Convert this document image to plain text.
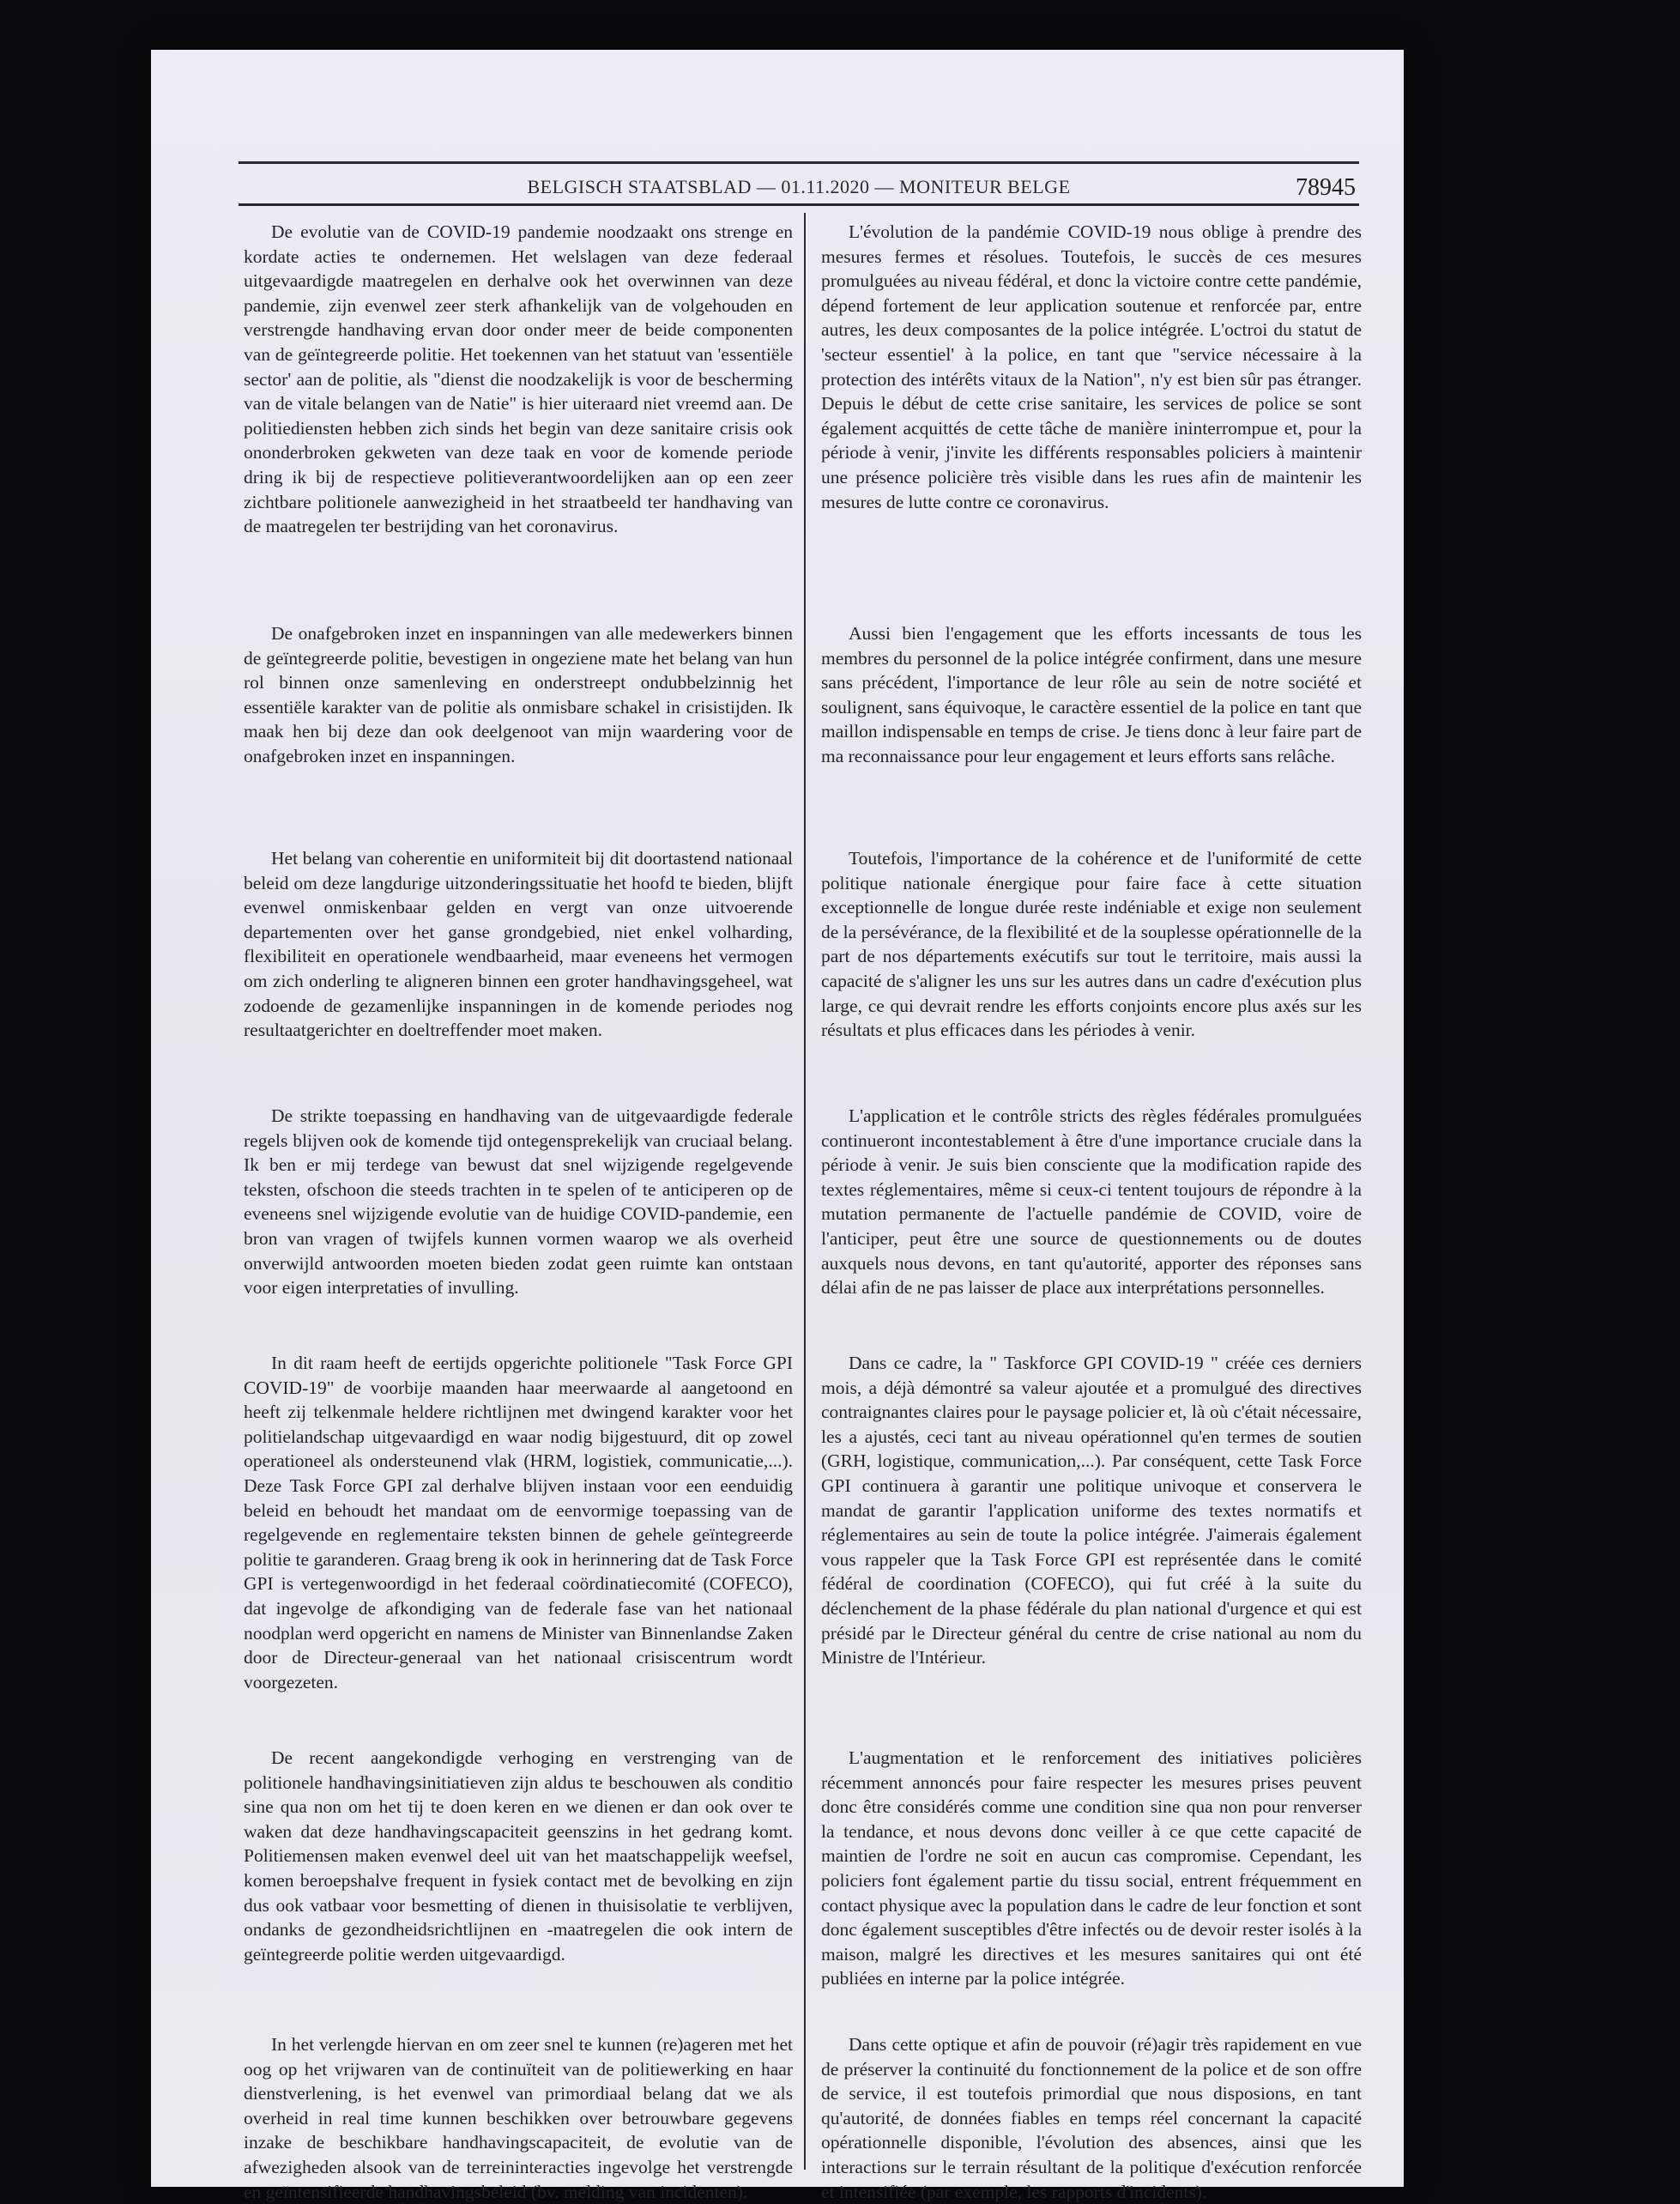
BELGISCH STAATSBLAD — 01.11.2020 — MONITEUR BELGE	78945

De evolutie van de COVID-19 pandemie noodzaakt ons strenge en kordate acties te ondernemen. Het welslagen van deze federaal uitgevaardigde maatregelen en derhalve ook het overwinnen van deze pandemie, zijn evenwel zeer sterk afhankelijk van de volgehouden en verstrengde handhaving ervan door onder meer de beide componenten van de geïntegreerde politie. Het toekennen van het statuut van 'essentiële sector' aan de politie, als "dienst die noodzakelijk is voor de bescherming van de vitale belangen van de Natie" is hier uiteraard niet vreemd aan. De politiediensten hebben zich sinds het begin van deze sanitaire crisis ook ononderbroken gekweten van deze taak en voor de komende periode dring ik bij de respectieve politieverantwoordelijken aan op een zeer zichtbare politionele aanwezigheid in het straatbeeld ter handhaving van de maatregelen ter bestrijding van het coronavirus.

De onafgebroken inzet en inspanningen van alle medewerkers binnen de geïntegreerde politie, bevestigen in ongeziene mate het belang van hun rol binnen onze samenleving en onderstreept ondubbelzinnig het essentiële karakter van de politie als onmisbare schakel in crisistijden. Ik maak hen bij deze dan ook deelgenoot van mijn waardering voor de onafgebroken inzet en inspanningen.

Het belang van coherentie en uniformiteit bij dit doortastend nationaal beleid om deze langdurige uitzonderingssituatie het hoofd te bieden, blijft evenwel onmiskenbaar gelden en vergt van onze uitvoerende departementen over het ganse grondgebied, niet enkel volharding, flexibiliteit en operationele wendbaarheid, maar eveneens het vermogen om zich onderling te aligneren binnen een groter handhavingsgeheel, wat zodoende de gezamenlijke inspanningen in de komende periodes nog resultaatgerichter en doeltreffender moet maken.

De strikte toepassing en handhaving van de uitgevaardigde federale regels blijven ook de komende tijd ontegensprekelijk van cruciaal belang. Ik ben er mij terdege van bewust dat snel wijzigende regelgevende teksten, ofschoon die steeds trachten in te spelen of te anticiperen op de eveneens snel wijzigende evolutie van de huidige COVID-pandemie, een bron van vragen of twijfels kunnen vormen waarop we als overheid onverwijld antwoorden moeten bieden zodat geen ruimte kan ontstaan voor eigen interpretaties of invulling.

In dit raam heeft de eertijds opgerichte politionele "Task Force GPI COVID-19" de voorbije maanden haar meerwaarde al aangetoond en heeft zij telkenmale heldere richtlijnen met dwingend karakter voor het politielandschap uitgevaardigd en waar nodig bijgestuurd, dit op zowel operationeel als ondersteunend vlak (HRM, logistiek, communicatie,...). Deze Task Force GPI zal derhalve blijven instaan voor een eenduidig beleid en behoudt het mandaat om de eenvormige toepassing van de regelgevende en reglementaire teksten binnen de gehele geïntegreerde politie te garanderen. Graag breng ik ook in herinnering dat de Task Force GPI is vertegenwoordigd in het federaal coördinatiecomité (COFECO), dat ingevolge de afkondiging van de federale fase van het nationaal noodplan werd opgericht en namens de Minister van Binnenlandse Zaken door de Directeur-generaal van het nationaal crisiscentrum wordt voorgezeten.

De recent aangekondigde verhoging en verstrenging van de politionele handhavingsinitiatieven zijn aldus te beschouwen als conditio sine qua non om het tij te doen keren en we dienen er dan ook over te waken dat deze handhavingscapaciteit geenszins in het gedrang komt. Politiemensen maken evenwel deel uit van het maatschappelijk weefsel, komen beroepshalve frequent in fysiek contact met de bevolking en zijn dus ook vatbaar voor besmetting of dienen in thuisisolatie te verblijven, ondanks de gezondheidsrichtlijnen en -maatregelen die ook intern de geïntegreerde politie werden uitgevaardigd.

In het verlengde hiervan en om zeer snel te kunnen (re)ageren met het oog op het vrijwaren van de continuïteit van de politiewerking en haar dienstverlening, is het evenwel van primordiaal belang dat we als overheid in real time kunnen beschikken over betrouwbare gegevens inzake de beschikbare handhavingscapaciteit, de evolutie van de afwezigheden alsook van de terreininteracties ingevolge het verstrengde en geïntensifieerde handhavingsbeleid (bv. melding van incidenten).

L'évolution de la pandémie COVID-19 nous oblige à prendre des mesures fermes et résolues. Toutefois, le succès de ces mesures promulguées au niveau fédéral, et donc la victoire contre cette pandémie, dépend fortement de leur application soutenue et renforcée par, entre autres, les deux composantes de la police intégrée. L'octroi du statut de 'secteur essentiel' à la police, en tant que "service nécessaire à la protection des intérêts vitaux de la Nation", n'y est bien sûr pas étranger. Depuis le début de cette crise sanitaire, les services de police se sont également acquittés de cette tâche de manière ininterrompue et, pour la période à venir, j'invite les différents responsables policiers à maintenir une présence policière très visible dans les rues afin de maintenir les mesures de lutte contre ce coronavirus.

Aussi bien l'engagement que les efforts incessants de tous les membres du personnel de la police intégrée confirment, dans une mesure sans précédent, l'importance de leur rôle au sein de notre société et soulignent, sans équivoque, le caractère essentiel de la police en tant que maillon indispensable en temps de crise. Je tiens donc à leur faire part de ma reconnaissance pour leur engagement et leurs efforts sans relâche.

Toutefois, l'importance de la cohérence et de l'uniformité de cette politique nationale énergique pour faire face à cette situation exceptionnelle de longue durée reste indéniable et exige non seulement de la persévérance, de la flexibilité et de la souplesse opérationnelle de la part de nos départements exécutifs sur tout le territoire, mais aussi la capacité de s'aligner les uns sur les autres dans un cadre d'exécution plus large, ce qui devrait rendre les efforts conjoints encore plus axés sur les résultats et plus efficaces dans les périodes à venir.

L'application et le contrôle stricts des règles fédérales promulguées continueront incontestablement à être d'une importance cruciale dans la période à venir. Je suis bien consciente que la modification rapide des textes réglementaires, même si ceux-ci tentent toujours de répondre à la mutation permanente de l'actuelle pandémie de COVID, voire de l'anticiper, peut être une source de questionnements ou de doutes auxquels nous devons, en tant qu'autorité, apporter des réponses sans délai afin de ne pas laisser de place aux interprétations personnelles.

Dans ce cadre, la " Taskforce GPI COVID-19 " créée ces derniers mois, a déjà démontré sa valeur ajoutée et a promulgué des directives contraignantes claires pour le paysage policier et, là où c'était nécessaire, les a ajustés, ceci tant au niveau opérationnel qu'en termes de soutien (GRH, logistique, communication,...). Par conséquent, cette Task Force GPI continuera à garantir une politique univoque et conservera le mandat de garantir l'application uniforme des textes normatifs et réglementaires au sein de toute la police intégrée. J'aimerais également vous rappeler que la Task Force GPI est représentée dans le comité fédéral de coordination (COFECO), qui fut créé à la suite du déclenchement de la phase fédérale du plan national d'urgence et qui est présidé par le Directeur général du centre de crise national au nom du Ministre de l'Intérieur.

L'augmentation et le renforcement des initiatives policières récemment annoncés pour faire respecter les mesures prises peuvent donc être considérés comme une condition sine qua non pour renverser la tendance, et nous devons donc veiller à ce que cette capacité de maintien de l'ordre ne soit en aucun cas compromise. Cependant, les policiers font également partie du tissu social, entrent fréquemment en contact physique avec la population dans le cadre de leur fonction et sont donc également susceptibles d'être infectés ou de devoir rester isolés à la maison, malgré les directives et les mesures sanitaires qui ont été publiées en interne par la police intégrée.

Dans cette optique et afin de pouvoir (ré)agir très rapidement en vue de préserver la continuité du fonctionnement de la police et de son offre de service, il est toutefois primordial que nous disposions, en tant qu'autorité, de données fiables en temps réel concernant la capacité opérationnelle disponible, l'évolution des absences, ainsi que les interactions sur le terrain résultant de la politique d'exécution renforcée et intensifiée (par exemple, les rapports d'incidents).
